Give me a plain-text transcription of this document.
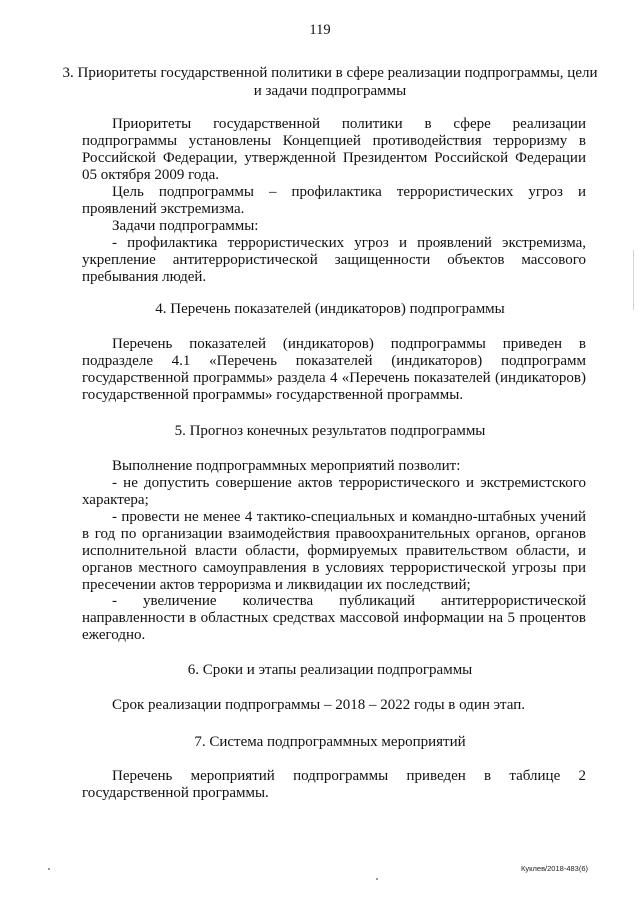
119
3. Приоритеты государственной политики в сфере реализации подпрограммы, цели и задачи подпрограммы

Приоритеты государственной политики в сфере реализации подпрограммы установлены Концепцией противодействия терроризму в Российской Федерации, утвержденной Президентом Российской Федерации 05 октября 2009 года.

Цель подпрограммы – профилактика террористических угроз и проявлений экстремизма.

Задачи подпрограммы:

- профилактика террористических угроз и проявлений экстремизма, укрепление антитеррористической защищенности объектов массового пребывания людей.

4. Перечень показателей (индикаторов) подпрограммы

Перечень показателей (индикаторов) подпрограммы приведен в подразделе 4.1 «Перечень показателей (индикаторов) подпрограмм государственной программы» раздела 4 «Перечень показателей (индикаторов) государственной программы» государственной программы.

5. Прогноз конечных результатов подпрограммы

Выполнение подпрограммных мероприятий позволит:

- не допустить совершение актов террористического и экстремистского характера;

- провести не менее 4 тактико-специальных и командно-штабных учений в год по организации взаимодействия правоохранительных органов, органов исполнительной власти области, формируемых правительством области, и органов местного самоуправления в условиях террористической угрозы при пресечении актов терроризма и ликвидации их последствий;

- увеличение количества публикаций антитеррористической направленности в областных средствах массовой информации на 5 процентов ежегодно.

6. Сроки и этапы реализации подпрограммы

Срок реализации подпрограммы – 2018 – 2022 годы в один этап.

7. Система подпрограммных мероприятий

Перечень мероприятий подпрограммы приведен в таблице 2 государственной программы.

Куклев/2018-483(6)
